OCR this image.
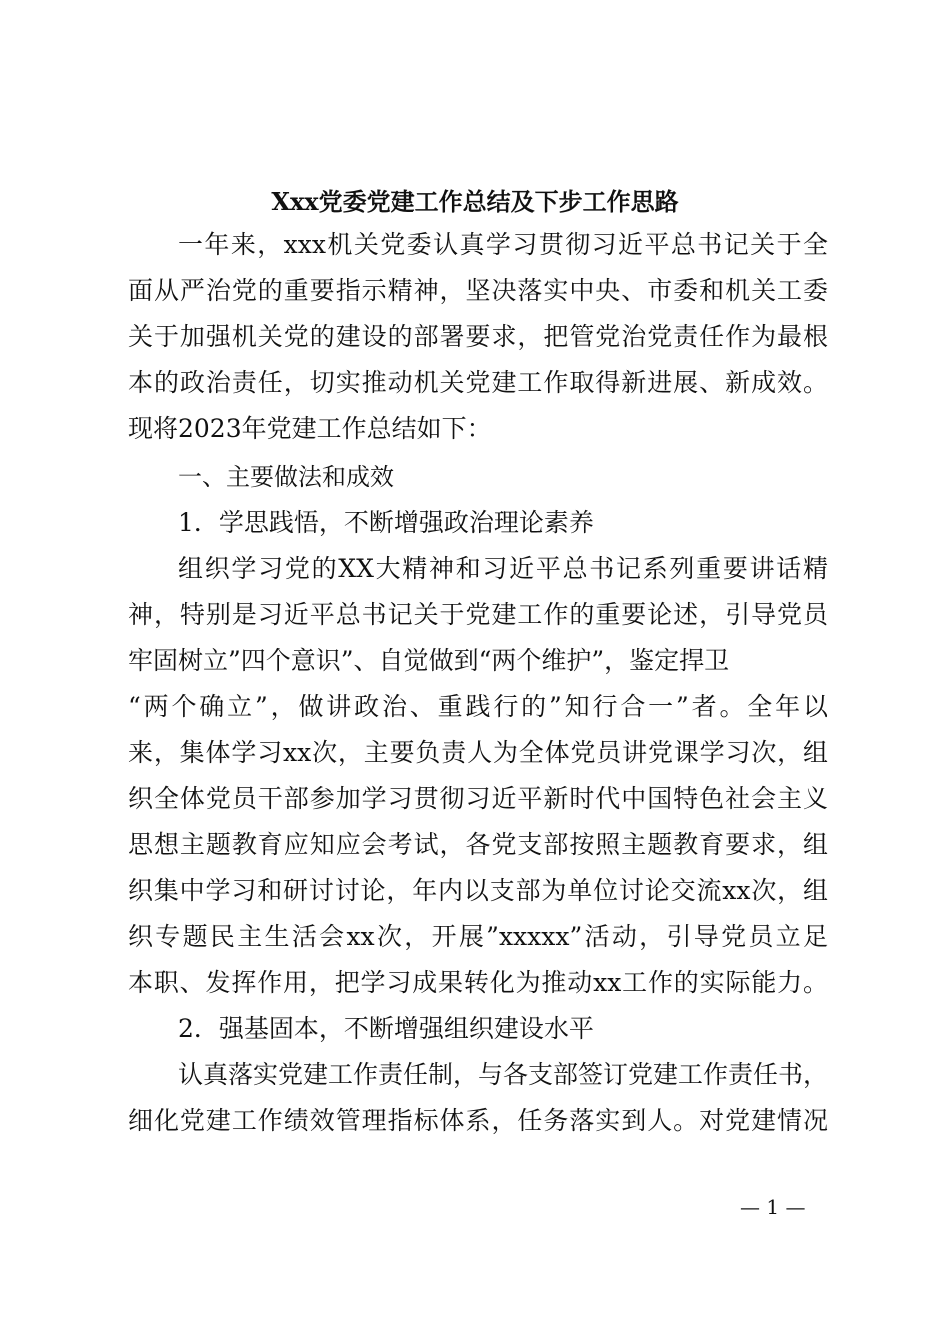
Xxx党委党建工作总结及下步工作思路
一年来，xxx机关党委认真学习贯彻习近平总书记关于全
面从严治党的重要指示精神，坚决落实中央、市委和机关工委
关于加强机关党的建设的部署要求，把管党治党责任作为最根
本的政治责任，切实推动机关党建工作取得新进展、新成效。
现将2023年党建工作总结如下：
一、主要做法和成效
1．学思践悟，不断增强政治理论素养
组织学习党的XX大精神和习近平总书记系列重要讲话精
神，特别是习近平总书记关于党建工作的重要论述，引导党员
牢固树立”四个意识”、自觉做到“两个维护”，鉴定捍卫
“两个确立”，做讲政治、重践行的”知行合一”者。全年以
来，集体学习xx次，主要负责人为全体党员讲党课学习次，组
织全体党员干部参加学习贯彻习近平新时代中国特色社会主义
思想主题教育应知应会考试，各党支部按照主题教育要求，组
织集中学习和研讨讨论，年内以支部为单位讨论交流xx次，组
织专题民主生活会xx次，开展”xxxxx”活动，引导党员立足
本职、发挥作用，把学习成果转化为推动xx工作的实际能力。
2．强基固本，不断增强组织建设水平
认真落实党建工作责任制，与各支部签订党建工作责任书，
细化党建工作绩效管理指标体系，任务落实到人。对党建情况
— 1 —
